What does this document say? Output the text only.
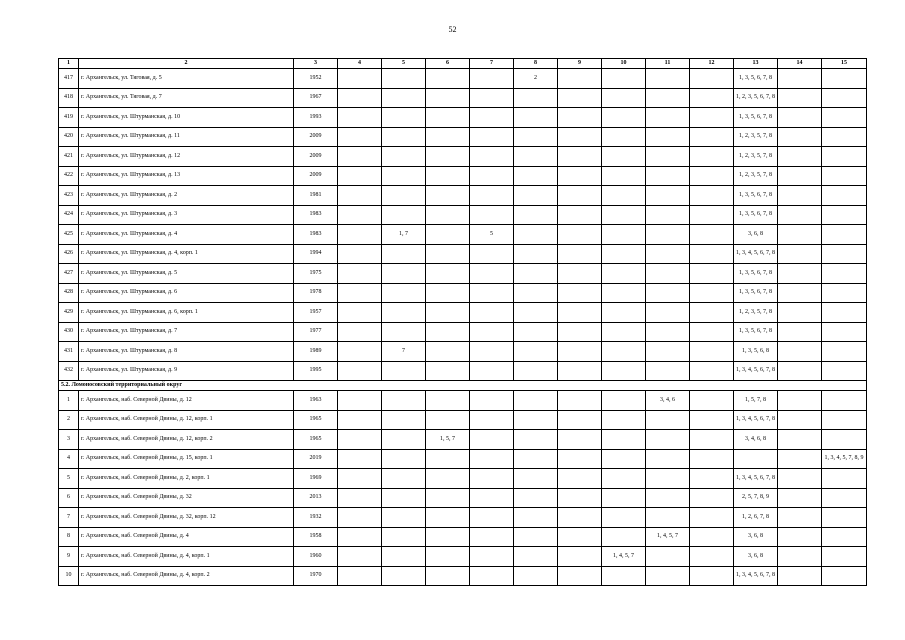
52
1	2	3	4	5	6	7	8	9	10	11	12	13	14	15
417	г. Архангельск, ул. Тяговая, д. 5	1952					2					1, 3, 5, 6, 7, 8		
418	г. Архангельск, ул. Тяговая, д. 7	1967										1, 2, 3, 5, 6, 7, 8		
419	г. Архангельск, ул. Штурманская, д. 10	1993										1, 3, 5, 6, 7, 8		
420	г. Архангельск, ул. Штурманская, д. 11	2009										1, 2, 3, 5, 7, 8		
421	г. Архангельск, ул. Штурманская, д. 12	2009										1, 2, 3, 5, 7, 8		
422	г. Архангельск, ул. Штурманская, д. 13	2009										1, 2, 3, 5, 7, 8		
423	г. Архангельск, ул. Штурманская, д. 2	1981										1, 3, 5, 6, 7, 8		
424	г. Архангельск, ул. Штурманская, д. 3	1983										1, 3, 5, 6, 7, 8		
425	г. Архангельск, ул. Штурманская, д. 4	1983		1, 7		5						3, 6, 8		
426	г. Архангельск, ул. Штурманская, д. 4, корп. 1	1994										1, 3, 4, 5, 6, 7, 8		
427	г. Архангельск, ул. Штурманская, д. 5	1975										1, 3, 5, 6, 7, 8		
428	г. Архангельск, ул. Штурманская, д. 6	1978										1, 3, 5, 6, 7, 8		
429	г. Архангельск, ул. Штурманская, д. 6, корп. 1	1957										1, 2, 3, 5, 7, 8		
430	г. Архангельск, ул. Штурманская, д. 7	1977										1, 3, 5, 6, 7, 8		
431	г. Архангельск, ул. Штурманская, д. 8	1989		7								1, 3, 5, 6, 8		
432	г. Архангельск, ул. Штурманская, д. 9	1995										1, 3, 4, 5, 6, 7, 8		
5.2. Ломоносовский территориальный округ														
1	г. Архангельск, наб. Северной Двины, д. 12	1963								3, 4, 6		1, 5, 7, 8		
2	г. Архангельск, наб. Северной Двины, д. 12, корп. 1	1965										1, 3, 4, 5, 6, 7, 8		
3	г. Архангельск, наб. Северной Двины, д. 12, корп. 2	1965			1, 5, 7							3, 4, 6, 8		
4	г. Архангельск, наб. Северной Двины, д. 15, корп. 1	2019												1, 3, 4, 5, 7, 8, 9
5	г. Архангельск, наб. Северной Двины, д. 2, корп. 1	1969										1, 3, 4, 5, 6, 7, 8		
6	г. Архангельск, наб. Северной Двины, д. 32	2013										2, 5, 7, 8, 9		
7	г. Архангельск, наб. Северной Двины, д. 32, корп. 12	1932										1, 2, 6, 7, 8		
8	г. Архангельск, наб. Северной Двины, д. 4	1958								1, 4, 5, 7		3, 6, 8		
9	г. Архангельск, наб. Северной Двины, д. 4, корп. 1	1960							1, 4, 5, 7			3, 6, 8		
10	г. Архангельск, наб. Северной Двины, д. 4, корп. 2	1970										1, 3, 4, 5, 6, 7, 8		
